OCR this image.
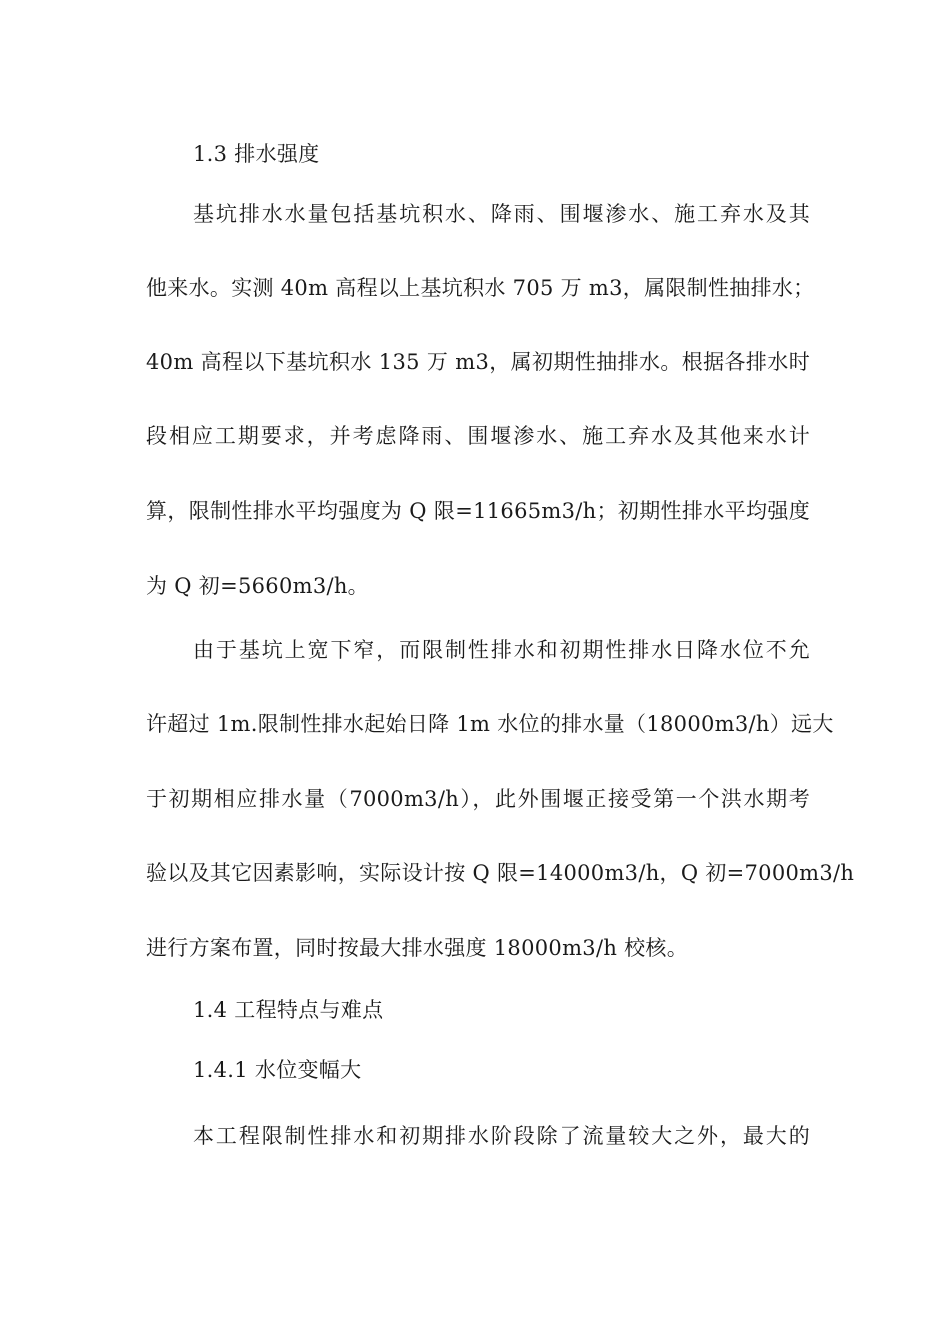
1.3 排水强度
基坑排水水量包括基坑积水、降雨、围堰渗水、施工弃水及其
他来水。实测 40m 高程以上基坑积水 705 万 m3，属限制性抽排水；
40m 高程以下基坑积水 135 万 m3，属初期性抽排水。根据各排水时
段相应工期要求，并考虑降雨、围堰渗水、施工弃水及其他来水计
算，限制性排水平均强度为 Q 限=11665m3/h；初期性排水平均强度
为 Q 初=5660m3/h。
由于基坑上宽下窄，而限制性排水和初期性排水日降水位不允
许超过 1m.限制性排水起始日降 1m 水位的排水量（18000m3/h）远大
于初期相应排水量（7000m3/h），此外围堰正接受第一个洪水期考
验以及其它因素影响，实际设计按 Q 限=14000m3/h，Q 初=7000m3/h
进行方案布置，同时按最大排水强度 18000m3/h 校核。
1.4 工程特点与难点
1.4.1 水位变幅大
本工程限制性排水和初期排水阶段除了流量较大之外，最大的
